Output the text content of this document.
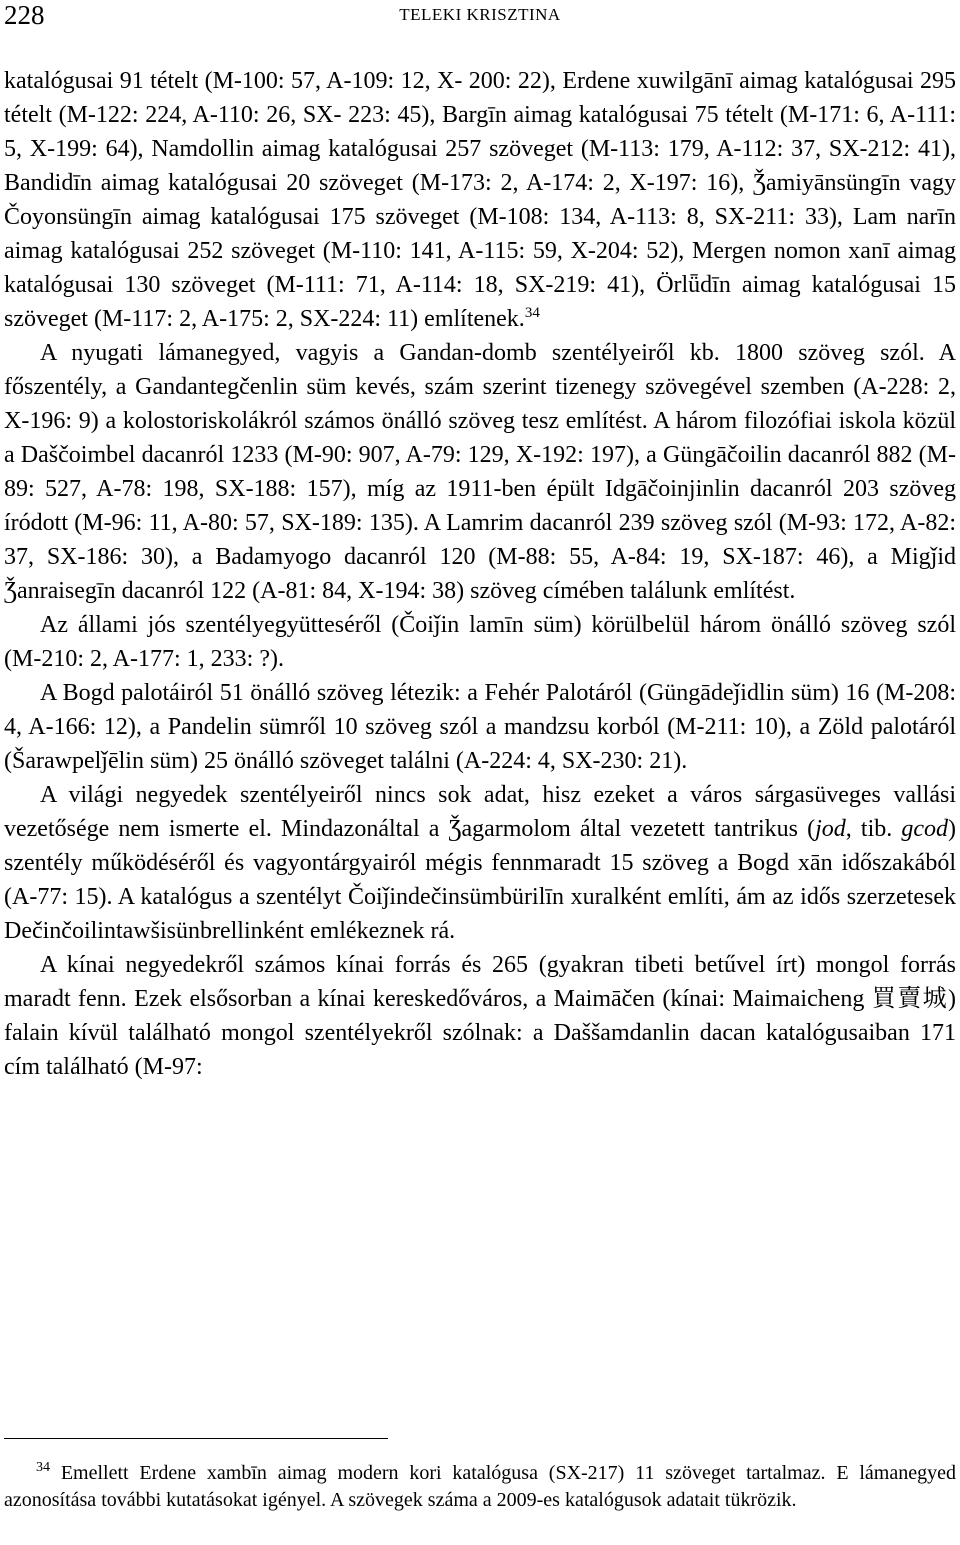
228	TELEKI KRISZTINA

katalógusai 91 tételt (M-100: 57, A-109: 12, X- 200: 22), Erdene xuwilgānī aimag katalógusai 295 tételt (M-122: 224, A-110: 26, SX- 223: 45), Bargīn aimag katalógusai 75 tételt (M-171: 6, A-111: 5, X-199: 64), Namdollin aimag katalógusai 257 szöveget (M-113: 179, A-112: 37, SX-212: 41), Bandidīn aimag katalógusai 20 szöveget (M-173: 2, A-174: 2, X-197: 16), Ǯamiyānsüngīn vagy Čoyonsüngīn aimag katalógusai 175 szöveget (M-108: 134, A-113: 8, SX-211: 33), Lam narīn aimag katalógusai 252 szöveget (M-110: 141, A-115: 59, X-204: 52), Mergen nomon xanī aimag katalógusai 130 szöveget (M-111: 71, A-114: 18, SX-219: 41), Örlǖdīn aimag katalógusai 15 szöveget (M-117: 2, A-175: 2, SX-224: 11) említenek.$^{34}$

A nyugati lámanegyed, vagyis a Gandan-domb szentélyeiről kb. 1800 szöveg szól. A főszentély, a Gandantegčenlin süm kevés, szám szerint tizenegy szövegével szemben (A-228: 2, X-196: 9) a kolostoriskolákról számos önálló szöveg tesz említést. A három filozófiai iskola közül a Daščoimbel dacanról 1233 (M-90: 907, A-79: 129, X-192: 197), a Güngāčoilin dacanról 882 (M-89: 527, A-78: 198, SX-188: 157), míg az 1911-ben épült Idgāčoinjinlin dacanról 203 szöveg íródott (M-96: 11, A-80: 57, SX-189: 135). A Lamrim dacanról 239 szöveg szól (M-93: 172, A-82: 37, SX-186: 30), a Badamyogo dacanról 120 (M-88: 55, A-84: 19, SX-187: 46), a Migǰid Ǯanraisegīn dacanról 122 (A-81: 84, X-194: 38) szöveg címében találunk említést.

Az állami jós szentélyegyütteséről (Čoiǰin lamīn süm) körülbelül három önálló szöveg szól (M-210: 2, A-177: 1, 233: ?).

A Bogd palotáiról 51 önálló szöveg létezik: a Fehér Palotáról (Güngādeǰidlin süm) 16 (M-208: 4, A-166: 12), a Pandelin sümről 10 szöveg szól a mandzsu korból (M-211: 10), a Zöld palotáról (Šarawpelǰēlin süm) 25 önálló szöveget találni (A-224: 4, SX-230: 21).

A világi negyedek szentélyeiről nincs sok adat, hisz ezeket a város sárgasüveges vallási vezetősége nem ismerte el. Mindazonáltal a Ǯagarmolom által vezetett tantrikus (jod, tib. gcod) szentély működéséről és vagyontárgyairól mégis fennmaradt 15 szöveg a Bogd xān időszakából (A-77: 15). A katalógus a szentélyt Čoiǰindečinsümbürilīn xuralként említi, ám az idős szerzetesek Dečinčoilintawšisünbrellinként emlékeznek rá.

A kínai negyedekről számos kínai forrás és 265 (gyakran tibeti betűvel írt) mongol forrás maradt fenn. Ezek elsősorban a kínai kereskedőváros, a Maimāčen (kínai: Maimaicheng 買賣城) falain kívül található mongol szentélyekről szólnak: a Daššamdanlin dacan katalógusaiban 171 cím található (M-97:

$^{34}$ Emellett Erdene xambīn aimag modern kori katalógusa (SX-217) 11 szöveget tartalmaz. E lámanegyed azonosítása további kutatásokat igényel. A szövegek száma a 2009-es katalógusok adatait tükrözik.
